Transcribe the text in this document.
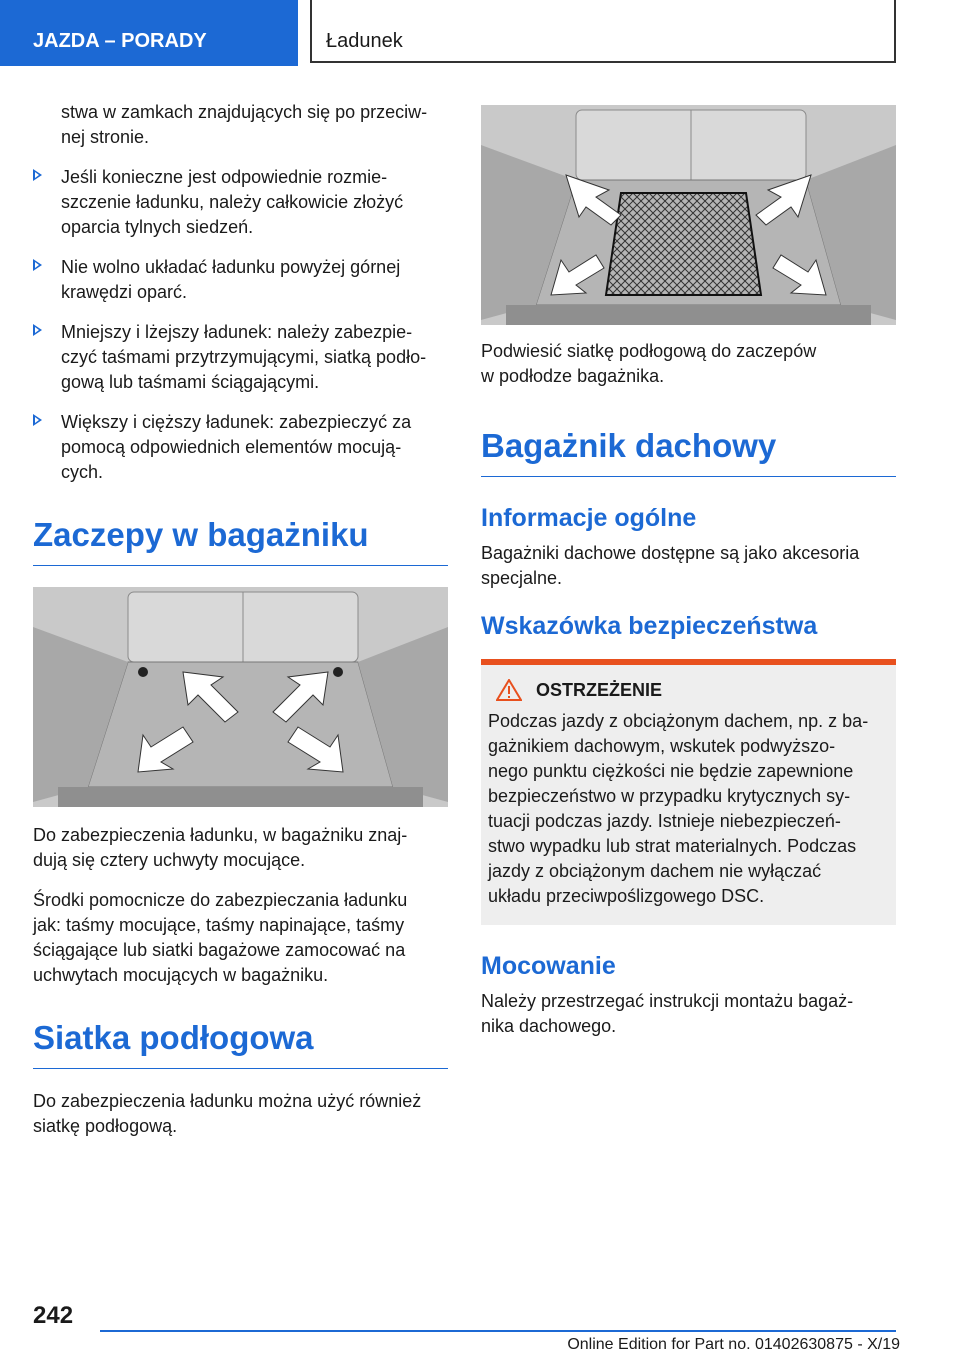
JAZDA – PORADY	Ładunek

stwa w zamkach znajdujących się po przeciw-
nej stronie.

Jeśli konieczne jest odpowiednie rozmie-
szczenie ładunku, należy całkowicie złożyć
oparcia tylnych siedzeń.
Nie wolno układać ładunku powyżej górnej
krawędzi oparć.
Mniejszy i lżejszy ładunek: należy zabezpie-
czyć taśmami przytrzymującymi, siatką podło-
gową lub taśmami ściągającymi.
Większy i cięższy ładunek: zabezpieczyć za
pomocą odpowiednich elementów mocują-
cych.
Zaczepy w bagażniku

Do zabezpieczenia ładunku, w bagażniku znaj-
dują się cztery uchwyty mocujące.

Środki pomocnicze do zabezpieczania ładunku
jak: taśmy mocujące, taśmy napinające, taśmy
ściągające lub siatki bagażowe zamocować na
uchwytach mocujących w bagażniku.

Siatka podłogowa

Do zabezpieczenia ładunku można użyć również
siatkę podłogową.

Podwiesić siatkę podłogową do zaczepów
w podłodze bagażnika.

Bagażnik dachowy
Informacje ogólne

Bagażniki dachowe dostępne są jako akcesoria
specjalne.

Wskazówka bezpieczeństwa
OSTRZEŻENIE

Podczas jazdy z obciążonym dachem, np. z ba-
gażnikiem dachowym, wskutek podwyższo-
nego punktu ciężkości nie będzie zapewnione
bezpieczeństwo w przypadku krytycznych sy-
tuacji podczas jazdy. Istnieje niebezpieczeń-
stwo wypadku lub strat materialnych. Podczas
jazdy z obciążonym dachem nie wyłączać
układu przeciwpoślizgowego DSC.

Mocowanie

Należy przestrzegać instrukcji montażu bagaż-
nika dachowego.

242
Online Edition for Part no. 01402630875 - X/19
